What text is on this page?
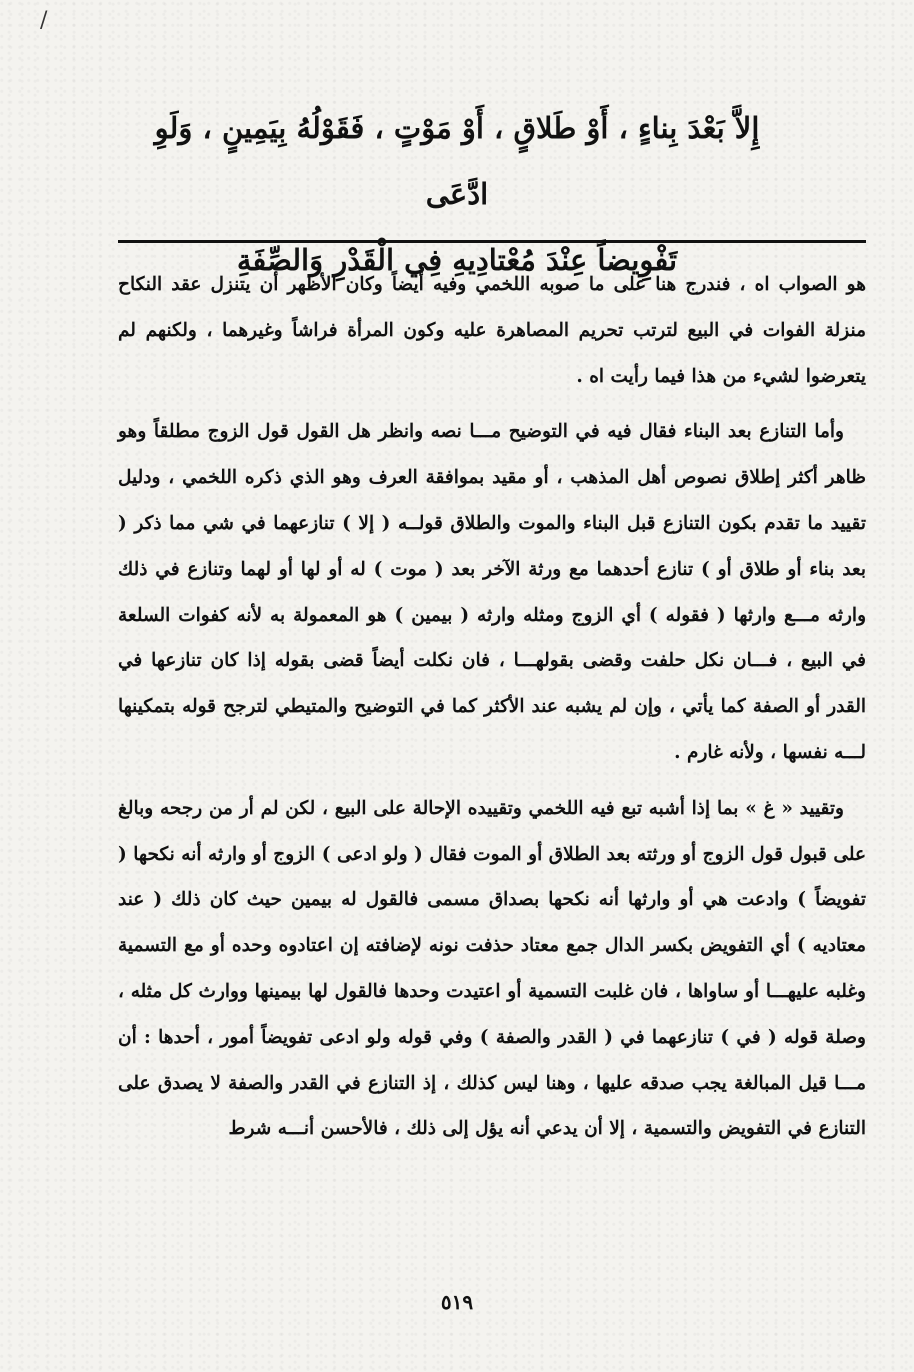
/
إِلاَّ بَعْدَ بِناءٍ ، أَوْ طَلاقٍ ، أَوْ مَوْتٍ ، فَقَوْلُهُ بِيَمِينٍ ، وَلَوِ ادَّعَى
تَفْوِيضاً عِنْدَ مُعْتادِيهِ فِي الْقَدْرِ وَالصِّفَةِ

هو الصواب اه ، فندرج هنا على ما صوبه اللخمي وفيه أيضاً وكان الأظهر أن يتنزل عقد النكاح منزلة الفوات في البيع لترتب تحريم المصاهرة عليه وكون المرأة فراشاً وغيرهما ، ولكنهم لم يتعرضوا لشيء من هذا فيما رأيت اه .

وأما التنازع بعد البناء فقال فيه في التوضيح مـــا نصه وانظر هل القول قول الزوج مطلقاً وهو ظاهر أكثر إطلاق نصوص أهل المذهب ، أو مقيد بموافقة العرف وهو الذي ذكره اللخمي ، ودليل تقييد ما تقدم بكون التنازع قبل البناء والموت والطلاق قولــه ( إلا ) تنازعهما في شي مما ذكر ( بعد بناء أو طلاق أو ) تنازع أحدهما مع ورثة الآخر بعد ( موت ) له أو لها أو لهما وتنازع في ذلك وارثه مـــع وارثها ( فقوله ) أي الزوج ومثله وارثه ( بيمين ) هو المعمولة به لأنه كفوات السلعة في البيع ، فـــان نكل حلفت وقضى بقولهـــا ، فان نكلت أيضاً قضى بقوله إذا كان تنازعها في القدر أو الصفة كما يأتي ، وإن لم يشبه عند الأكثر كما في التوضيح والمتيطي لترجح قوله بتمكينها لـــه نفسها ، ولأنه غارم .

وتقييد « غ » بما إذا أشبه تبع فيه اللخمي وتقييده الإحالة على البيع ، لكن لم أر من رجحه وبالغ على قبول قول الزوج أو ورثته بعد الطلاق أو الموت فقال ( ولو ادعى ) الزوج أو وارثه أنه نكحها ( تفويضاً ) وادعت هي أو وارثها أنه نكحها بصداق مسمى فالقول له بيمين حيث كان ذلك ( عند معتاديه ) أي التفويض بكسر الدال جمع معتاد حذفت نونه لإضافته إن اعتادوه وحده أو مع التسمية وغلبه عليهـــا أو ساواها ، فان غلبت التسمية أو اعتيدت وحدها فالقول لها بيمينها ووارث كل مثله ، وصلة قوله ( في ) تنازعهما في ( القدر والصفة ) وفي قوله ولو ادعى تفويضاً أمور ، أحدها : أن مـــا قيل المبالغة يجب صدقه عليها ، وهنا ليس كذلك ، إذ التنازع في القدر والصفة لا يصدق على التنازع في التفويض والتسمية ، إلا أن يدعي أنه يؤل إلى ذلك ، فالأحسن أنـــه شرط

٥١٩
